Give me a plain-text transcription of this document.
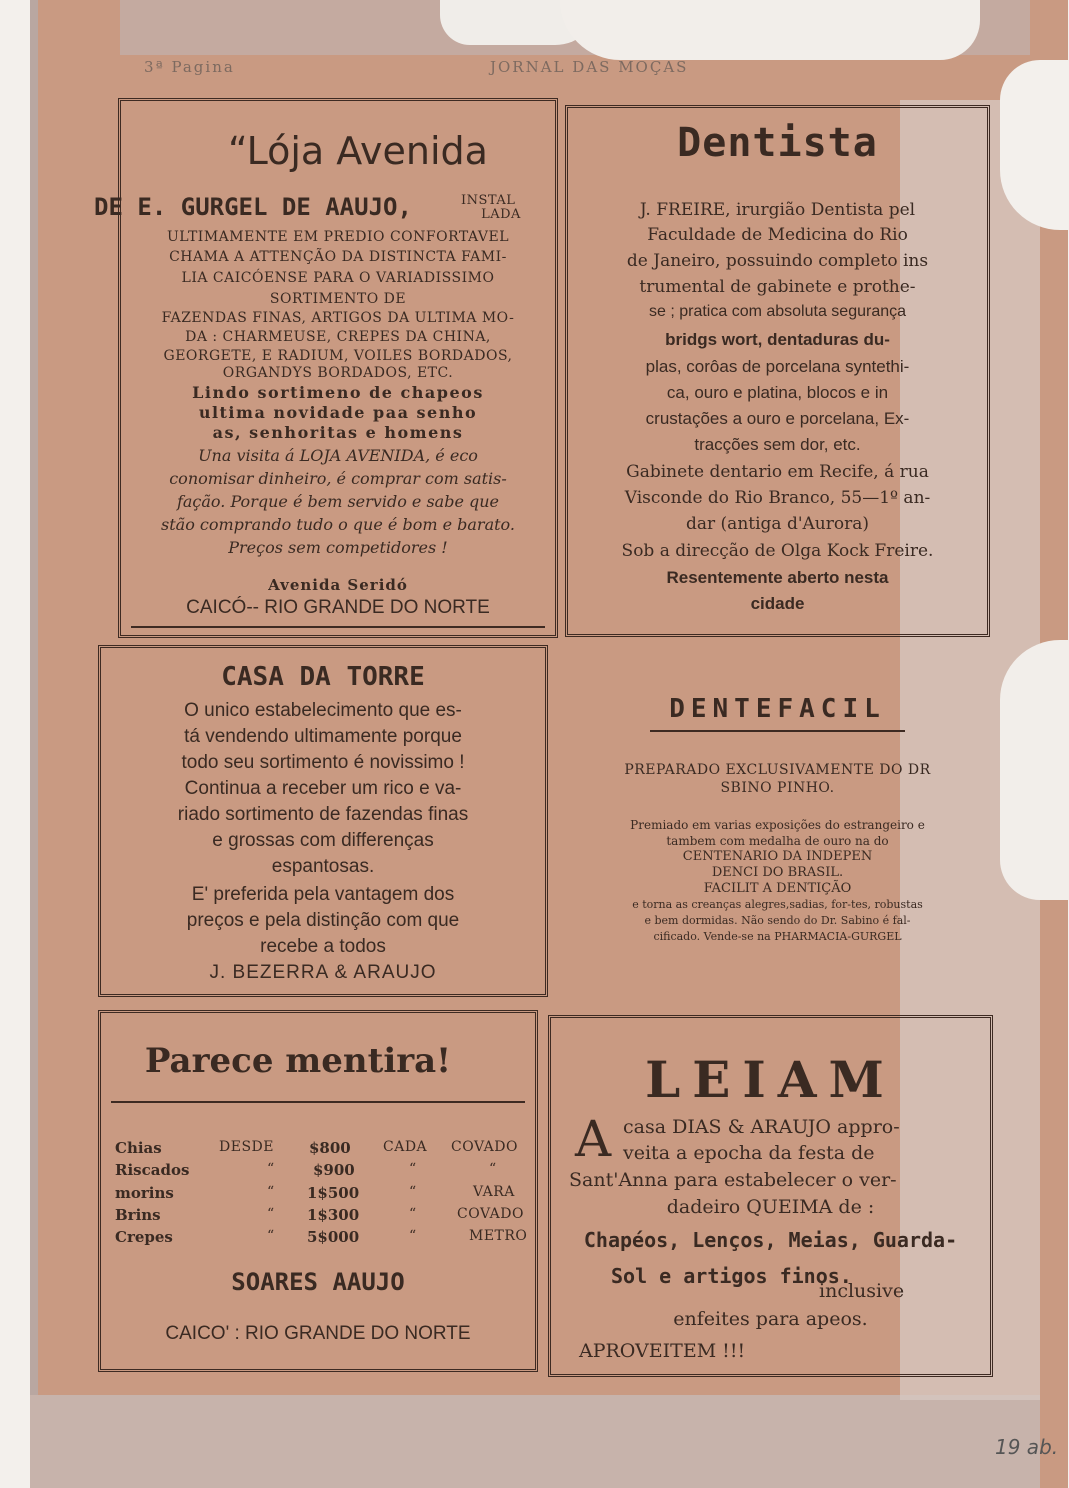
3ª Pagina	JORNAL DAS MOÇAS
“Lója Avenida
DE E. GURGEL DE AAUJO,	INSTAL
LADA
ULTIMAMENTE EM PREDIO CONFORTAVEL
CHAMA A ATTENÇÃO DA DISTINCTA FAMI-
LIA CAICÓENSE PARA O VARIADISSIMO
SORTIMENTO DE
FAZENDAS FINAS, ARTIGOS DA ULTIMA MO-
DA : CHARMEUSE, CREPES DA CHINA,
GEORGETE, E RADIUM, VOILES BORDADOS,
ORGANDYS BORDADOS, ETC.
Lindo sortimeno de chapeos
ultima novidade paa senho
as, senhoritas e homens
Una visita á LOJA AVENIDA, é eco
conomisar dinheiro, é comprar com satis-
fação. Porque é bem servido e sabe que
stão comprando tudo o que é bom e barato.
Preços sem competidores !
Avenida Seridó
CAICÓ-- RIO GRANDE DO NORTE
Dentista
J. FREIRE, irurgião Dentista pel
Faculdade de Medicina do Rio
de Janeiro, possuindo completo ins
trumental de gabinete e prothe-
se ; pratica com absoluta segurança
bridgs wort, dentaduras du-
plas, corôas de porcelana syntethi-
ca, ouro e platina, blocos e in
crustações a ouro e porcelana, Ex-
tracções sem dor, etc.
Gabinete dentario em Recife, á rua
Visconde do Rio Branco, 55—1º an-
dar (antiga d'Aurora)
Sob a direcção de Olga Kock Freire.
Resentemente aberto nesta
cidade
CASA DA TORRE
O unico estabelecimento que es-
tá vendendo ultimamente porque
todo seu sortimento é novissimo !
Continua a receber um rico e va-
riado sortimento de fazendas finas
e grossas com differenças
espantosas.
E' preferida pela vantagem dos
preços e pela distinção com que
recebe a todos
J. BEZERRA & ARAUJO
DENTEFACIL
PREPARADO EXCLUSIVAMENTE DO DR
SBINO PINHO.
Premiado em varias exposições do estrangeiro e
tambem com medalha de ouro na do
CENTENARIO DA INDEPEN
DENCI DO BRASIL.
FACILIT A DENTIÇÃO
e torna as creanças alegres,sadias, for-tes, robustas
e bem dormidas. Não sendo do Dr. Sabino é fal-
cificado. Vende-se na PHARMACIA-GURGEL
Parece mentira!
Chias	DESDE $800 CADA COVADO
Riscados	“	$900	“	“
morins	“ 1$500	“	VARA
Brins	“ 1$300	“	COVADO
Crepes	“ 5$000	“	METRO
SOARES AAUJO
CAICO' : RIO GRANDE DO NORTE
LEIAM
A casa DIAS & ARAUJO appro-
veita a epocha da festa de
Sant'Anna para estabelecer o ver-
dadeiro QUEIMA de :
Chapéos, Lenços, Meias, Guarda-
Sol e artigos finos.
inclusive
enfeites para apeos.
APROVEITEM !!!
19 ab.
